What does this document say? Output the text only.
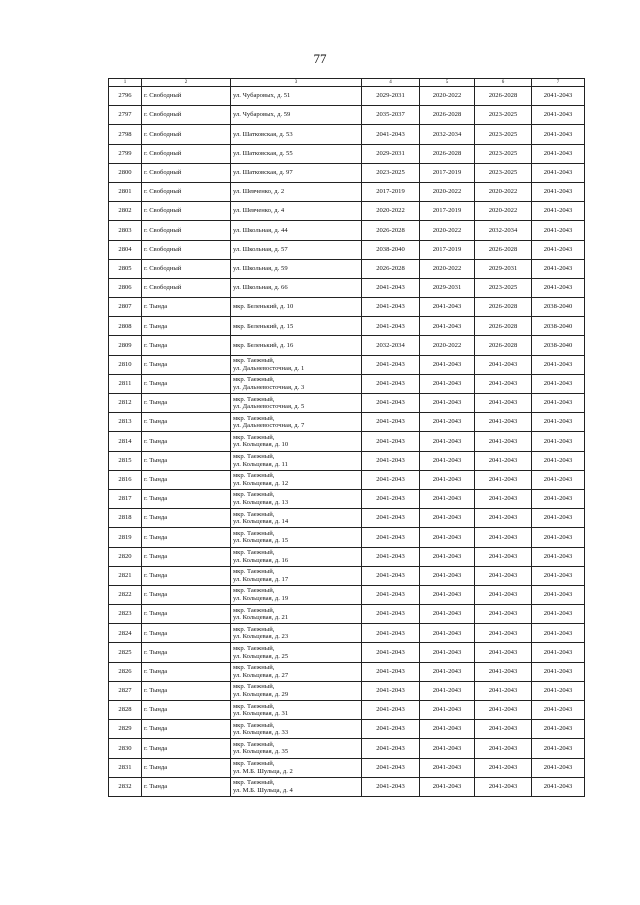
77
1	2	3	4	5	6	7
2796	г. Свободный	ул. Чубаровых, д. 51	2029-2031	2020-2022	2026-2028	2041-2043
2797	г. Свободный	ул. Чубаровых, д. 59	2035-2037	2026-2028	2023-2025	2041-2043
2798	г. Свободный	ул. Шатковская, д. 53	2041-2043	2032-2034	2023-2025	2041-2043
2799	г. Свободный	ул. Шатковская, д. 55	2029-2031	2026-2028	2023-2025	2041-2043
2800	г. Свободный	ул. Шатковская, д. 97	2023-2025	2017-2019	2023-2025	2041-2043
2801	г. Свободный	ул. Шевченко, д. 2	2017-2019	2020-2022	2020-2022	2041-2043
2802	г. Свободный	ул. Шевченко, д. 4	2020-2022	2017-2019	2020-2022	2041-2043
2803	г. Свободный	ул. Школьная, д. 44	2026-2028	2020-2022	2032-2034	2041-2043
2804	г. Свободный	ул. Школьная, д. 57	2038-2040	2017-2019	2026-2028	2041-2043
2805	г. Свободный	ул. Школьная, д. 59	2026-2028	2020-2022	2029-2031	2041-2043
2806	г. Свободный	ул. Школьная, д. 66	2041-2043	2029-2031	2023-2025	2041-2043
2807	г. Тында	мкр. Беленький, д. 10	2041-2043	2041-2043	2026-2028	2038-2040
2808	г. Тында	мкр. Беленький, д. 15	2041-2043	2041-2043	2026-2028	2038-2040
2809	г. Тында	мкр. Беленький, д. 16	2032-2034	2020-2022	2026-2028	2038-2040
2810	г. Тында	мкр. Таежный,
ул. Дальневосточная, д. 1	2041-2043	2041-2043	2041-2043	2041-2043
2811	г. Тында	мкр. Таежный,
ул. Дальневосточная, д. 3	2041-2043	2041-2043	2041-2043	2041-2043
2812	г. Тында	мкр. Таежный,
ул. Дальневосточная, д. 5	2041-2043	2041-2043	2041-2043	2041-2043
2813	г. Тында	мкр. Таежный,
ул. Дальневосточная, д. 7	2041-2043	2041-2043	2041-2043	2041-2043
2814	г. Тында	мкр. Таежный,
ул. Кольцевая, д. 10	2041-2043	2041-2043	2041-2043	2041-2043
2815	г. Тында	мкр. Таежный,
ул. Кольцевая, д. 11	2041-2043	2041-2043	2041-2043	2041-2043
2816	г. Тында	мкр. Таежный,
ул. Кольцевая, д. 12	2041-2043	2041-2043	2041-2043	2041-2043
2817	г. Тында	мкр. Таежный,
ул. Кольцевая, д. 13	2041-2043	2041-2043	2041-2043	2041-2043
2818	г. Тында	мкр. Таежный,
ул. Кольцевая, д. 14	2041-2043	2041-2043	2041-2043	2041-2043
2819	г. Тында	мкр. Таежный,
ул. Кольцевая, д. 15	2041-2043	2041-2043	2041-2043	2041-2043
2820	г. Тында	мкр. Таежный,
ул. Кольцевая, д. 16	2041-2043	2041-2043	2041-2043	2041-2043
2821	г. Тында	мкр. Таежный,
ул. Кольцевая, д. 17	2041-2043	2041-2043	2041-2043	2041-2043
2822	г. Тында	мкр. Таежный,
ул. Кольцевая, д. 19	2041-2043	2041-2043	2041-2043	2041-2043
2823	г. Тында	мкр. Таежный,
ул. Кольцевая, д. 21	2041-2043	2041-2043	2041-2043	2041-2043
2824	г. Тында	мкр. Таежный,
ул. Кольцевая, д. 23	2041-2043	2041-2043	2041-2043	2041-2043
2825	г. Тында	мкр. Таежный,
ул. Кольцевая, д. 25	2041-2043	2041-2043	2041-2043	2041-2043
2826	г. Тында	мкр. Таежный,
ул. Кольцевая, д. 27	2041-2043	2041-2043	2041-2043	2041-2043
2827	г. Тында	мкр. Таежный,
ул. Кольцевая, д. 29	2041-2043	2041-2043	2041-2043	2041-2043
2828	г. Тында	мкр. Таежный,
ул. Кольцевая, д. 31	2041-2043	2041-2043	2041-2043	2041-2043
2829	г. Тында	мкр. Таежный,
ул. Кольцевая, д. 33	2041-2043	2041-2043	2041-2043	2041-2043
2830	г. Тында	мкр. Таежный,
ул. Кольцевая, д. 35	2041-2043	2041-2043	2041-2043	2041-2043
2831	г. Тында	мкр. Таежный,
ул. М.Б. Шульца, д. 2	2041-2043	2041-2043	2041-2043	2041-2043
2832	г. Тында	мкр. Таежный,
ул. М.Б. Шульца, д. 4	2041-2043	2041-2043	2041-2043	2041-2043
